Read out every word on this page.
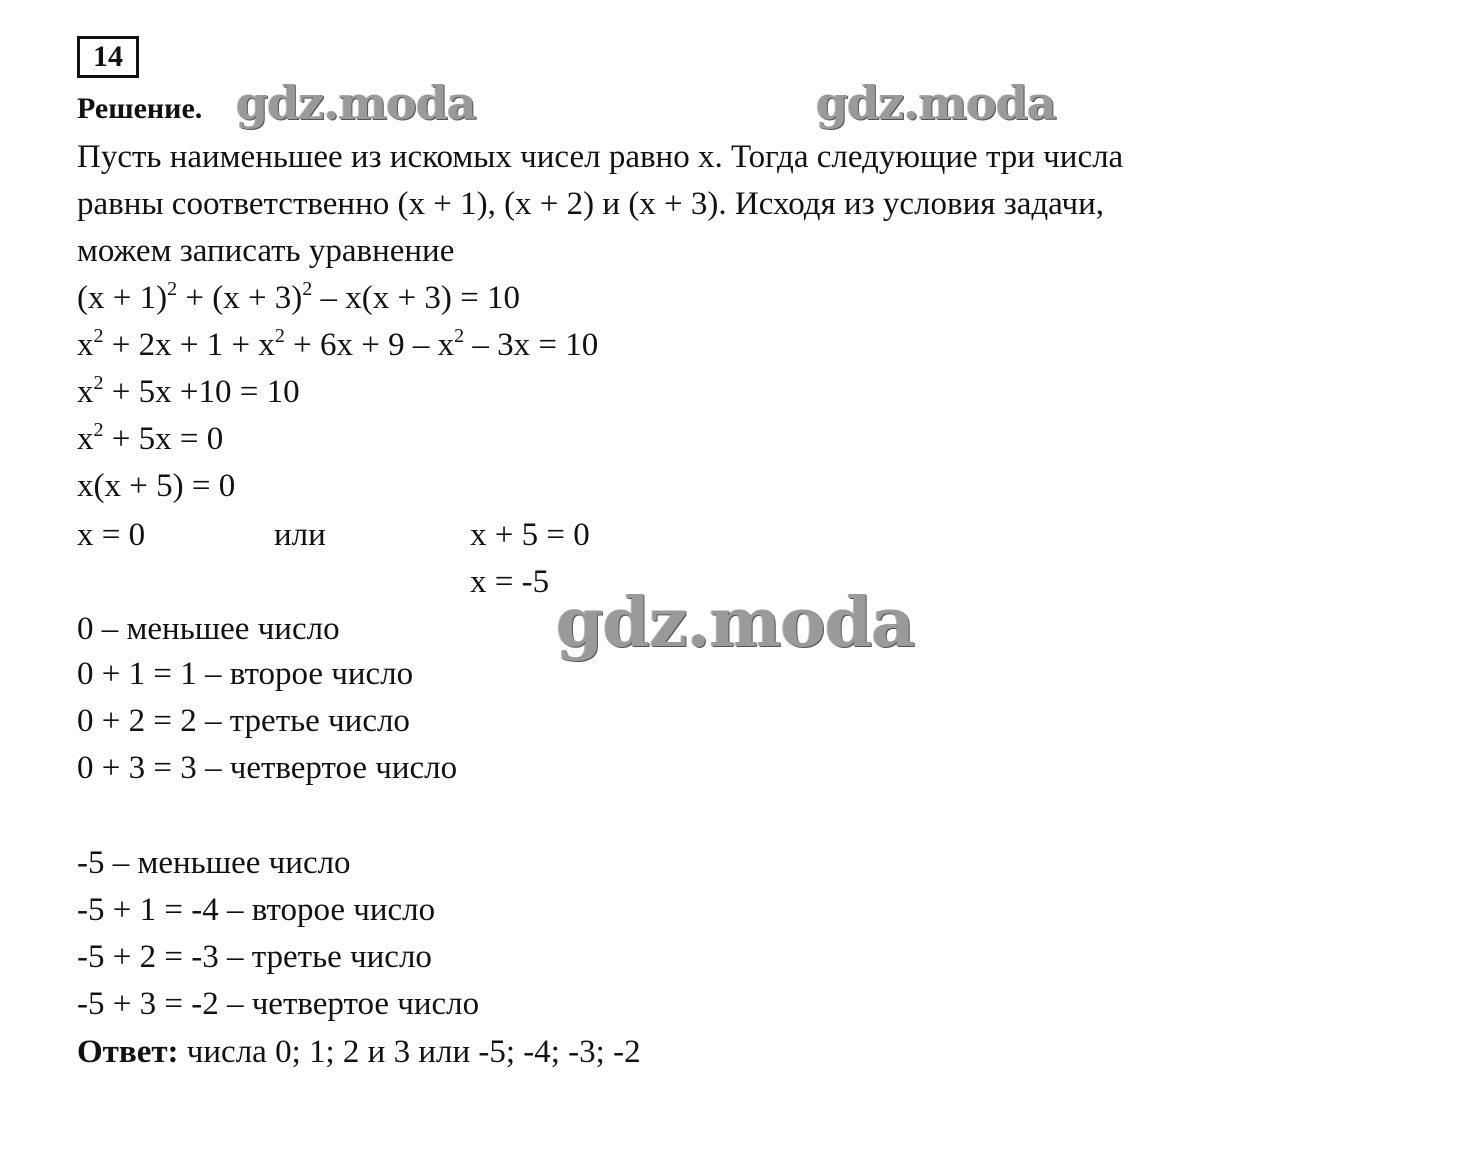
14
Решение.
Пусть наименьшее из искомых чисел равно х. Тогда следующие три числа
равны соответственно (х + 1), (х + 2) и (х + 3). Исходя из условия задачи,
можем записать уравнение
$(х + 1)^2 + (х + 3)^2 - х(х + 3) = 10$
$х^2 + 2х + 1 + х^2 + 6х + 9 - х^2 - 3х = 10$
$х^2 + 5х +10 = 10$
$х^2 + 5х = 0$
х(х + 5) = 0
х = 0	или	х + 5 = 0
х = -5
0 – меньшее число
0 + 1 = 1 – второе число
0 + 2 = 2 – третье число
0 + 3 = 3 – четвертое число
-5 – меньшее число
-5 + 1 = -4 – второе число
-5 + 2 = -3 – третье число
-5 + 3 = -2 – четвертое число
Ответ: числа 0; 1; 2 и 3 или -5; -4; -3; -2
gdz.moda	gdz.moda
gdz.moda
